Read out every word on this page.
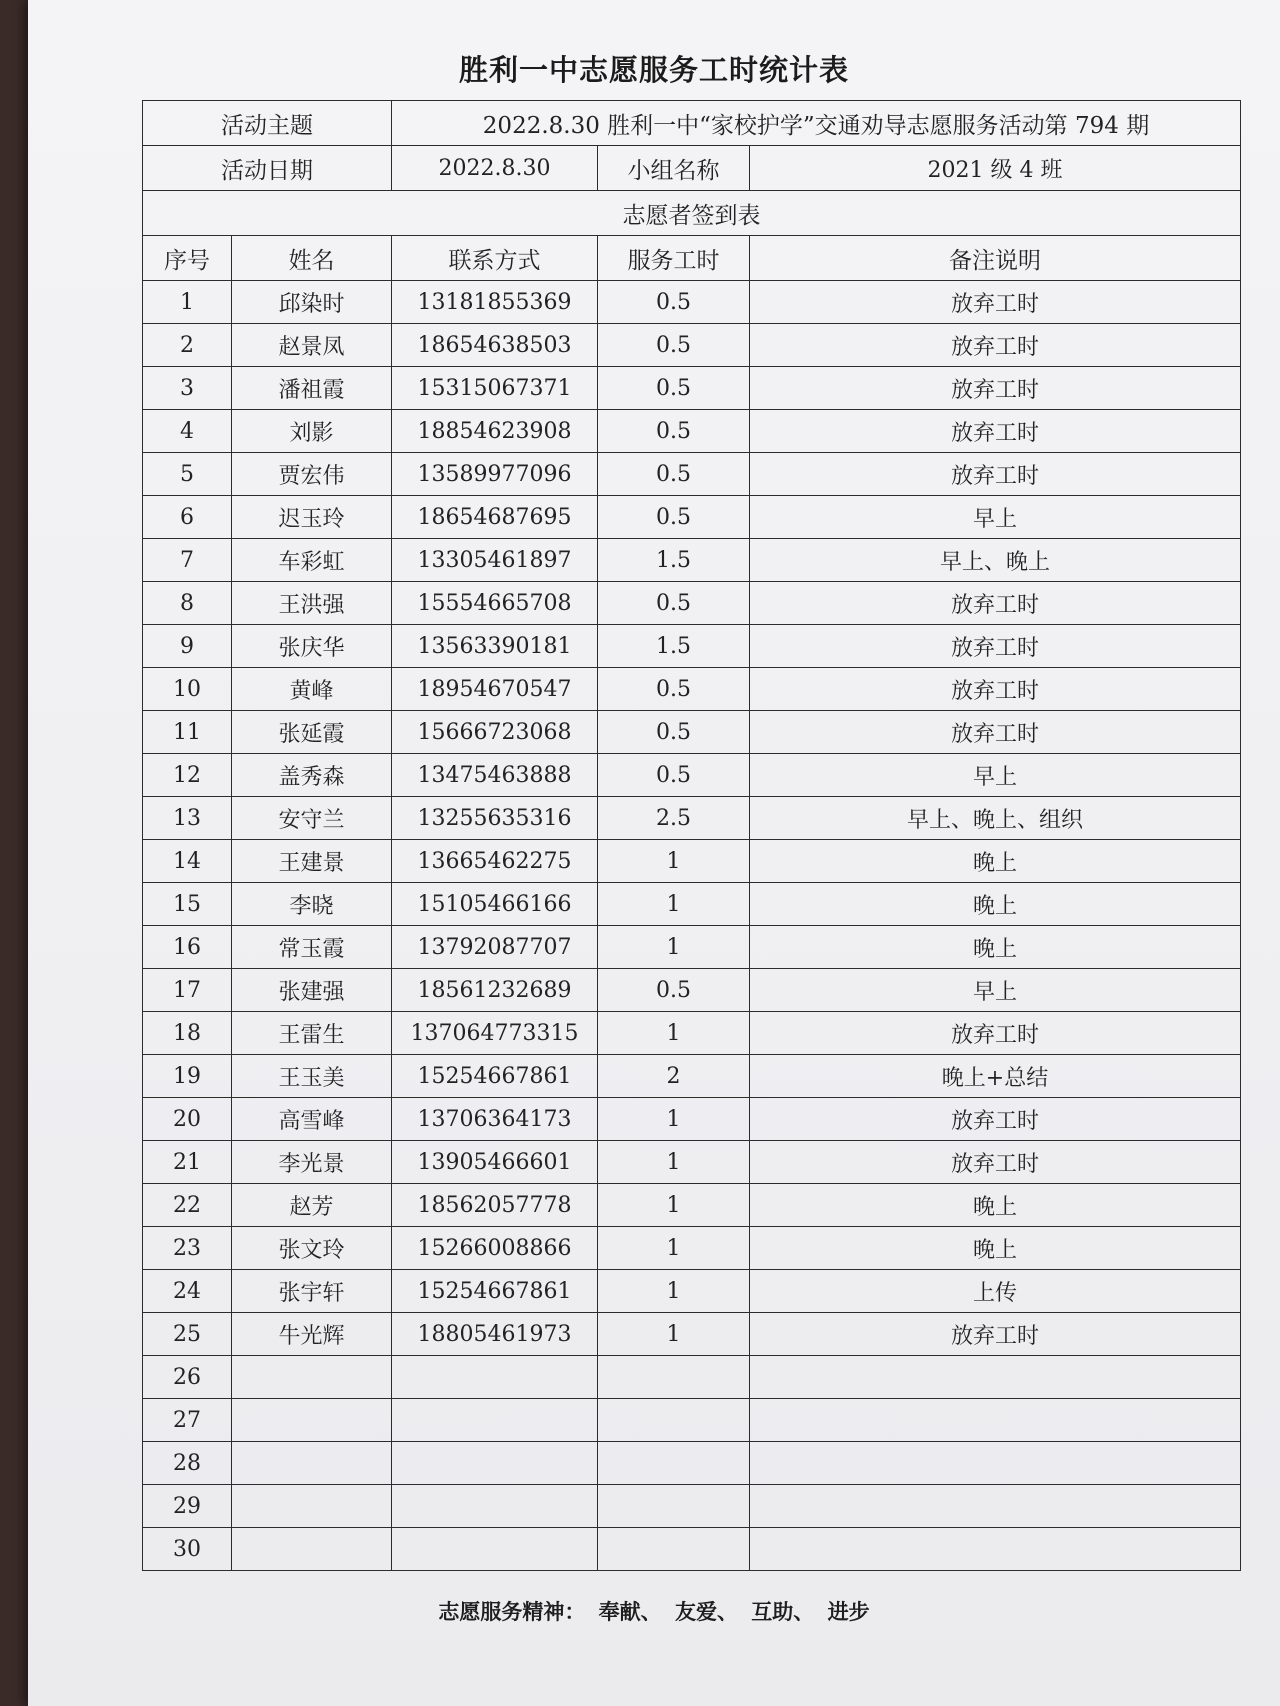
胜利一中志愿服务工时统计表
活动主题		2022.8.30 胜利一中“家校护学”交通劝导志愿服务活动第 794 期		
活动日期		2022.8.30	小组名称	2021 级 4 班
志愿者签到表				
序号	姓名	联系方式	服务工时	备注说明
1	邱染时	13181855369	0.5	放弃工时
2	赵景凤	18654638503	0.5	放弃工时
3	潘祖霞	15315067371	0.5	放弃工时
4	刘影	18854623908	0.5	放弃工时
5	贾宏伟	13589977096	0.5	放弃工时
6	迟玉玲	18654687695	0.5	早上
7	车彩虹	13305461897	1.5	早上、晚上
8	王洪强	15554665708	0.5	放弃工时
9	张庆华	13563390181	1.5	放弃工时
10	黄峰	18954670547	0.5	放弃工时
11	张延霞	15666723068	0.5	放弃工时
12	盖秀森	13475463888	0.5	早上
13	安守兰	13255635316	2.5	早上、晚上、组织
14	王建景	13665462275	1	晚上
15	李晓	15105466166	1	晚上
16	常玉霞	13792087707	1	晚上
17	张建强	18561232689	0.5	早上
18	王雷生	137064773315	1	放弃工时
19	王玉美	15254667861	2	晚上+总结
20	高雪峰	13706364173	1	放弃工时
21	李光景	13905466601	1	放弃工时
22	赵芳	18562057778	1	晚上
23	张文玲	15266008866	1	晚上
24	张宇轩	15254667861	1	上传
25	牛光辉	18805461973	1	放弃工时
26				
27				
28				
29				
30				
志愿服务精神： 奉献、 友爱、 互助、 进步
